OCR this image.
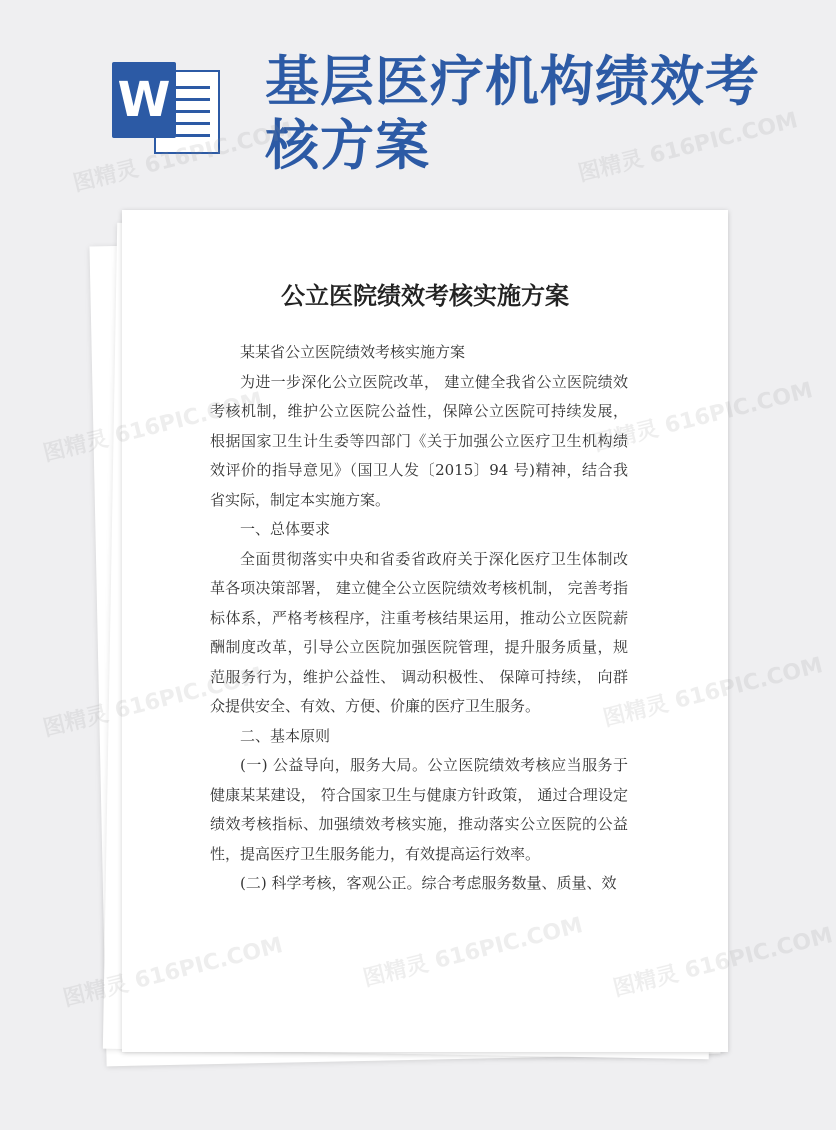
W 基层医疗机构绩效考核方案
公立医院绩效考核实施方案

某某省公立医院绩效考核实施方案

为进一步深化公立医院改革， 建立健全我省公立医院绩效考核机制，维护公立医院公益性，保障公立医院可持续发展，根据国家卫生计生委等四部门《关于加强公立医疗卫生机构绩效评价的指导意见》（国卫人发〔2015〕94 号)精神，结合我省实际，制定本实施方案。

一、总体要求

全面贯彻落实中央和省委省政府关于深化医疗卫生体制改革各项决策部署， 建立健全公立医院绩效考核机制， 完善考指标体系，严格考核程序，注重考核结果运用，推动公立医院薪酬制度改革，引导公立医院加强医院管理，提升服务质量，规范服务行为，维护公益性、 调动积极性、 保障可持续， 向群众提供安全、有效、方便、价廉的医疗卫生服务。

二、基本原则

(一) 公益导向，服务大局。公立医院绩效考核应当服务于健康某某建设， 符合国家卫生与健康方针政策， 通过合理设定绩效考核指标、加强绩效考核实施，推动落实公立医院的公益性，提高医疗卫生服务能力，有效提高运行效率。

(二) 科学考核，客观公正。综合考虑服务数量、质量、效

图精灵 616PIC.COM	图精灵 616PIC.COM
图精灵
616PIC.COM
图精灵
616PIC.COM
图精灵
616PIC.COM
